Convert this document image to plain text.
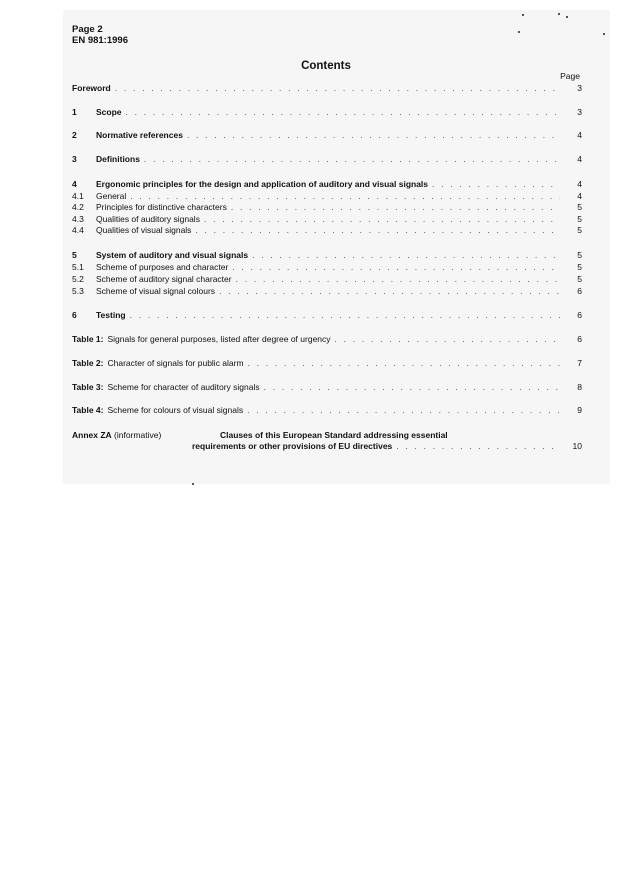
Page 2
EN 981:1996
Contents
Page
Foreword . . .	3
1	Scope . . .	3
2	Normative references . . .	4
3	Definitions . . .	4
4	Ergonomic principles for the design and application of auditory and visual signals . . .	4
4.1	General . . .	4
4.2	Principles for distinctive characters . . .	5
4.3	Qualities of auditory signals . . .	5
4.4	Qualities of visual signals . . .	5
5	System of auditory and visual signals . . .	5
5.1	Scheme of purposes and character . . .	5
5.2	Scheme of auditory signal character . . .	5
5.3	Scheme of visual signal colours . . .	6
6	Testing . . .	6
Table 1: Signals for general purposes, listed after degree of urgency . . .	6
Table 2: Character of signals for public alarm . . .	7
Table 3: Scheme for character of auditory signals . . .	8
Table 4: Scheme for colours of visual signals . . .	9
Annex ZA (informative)	Clauses of this European Standard addressing essential
requirements or other provisions of EU directives . . .	10
